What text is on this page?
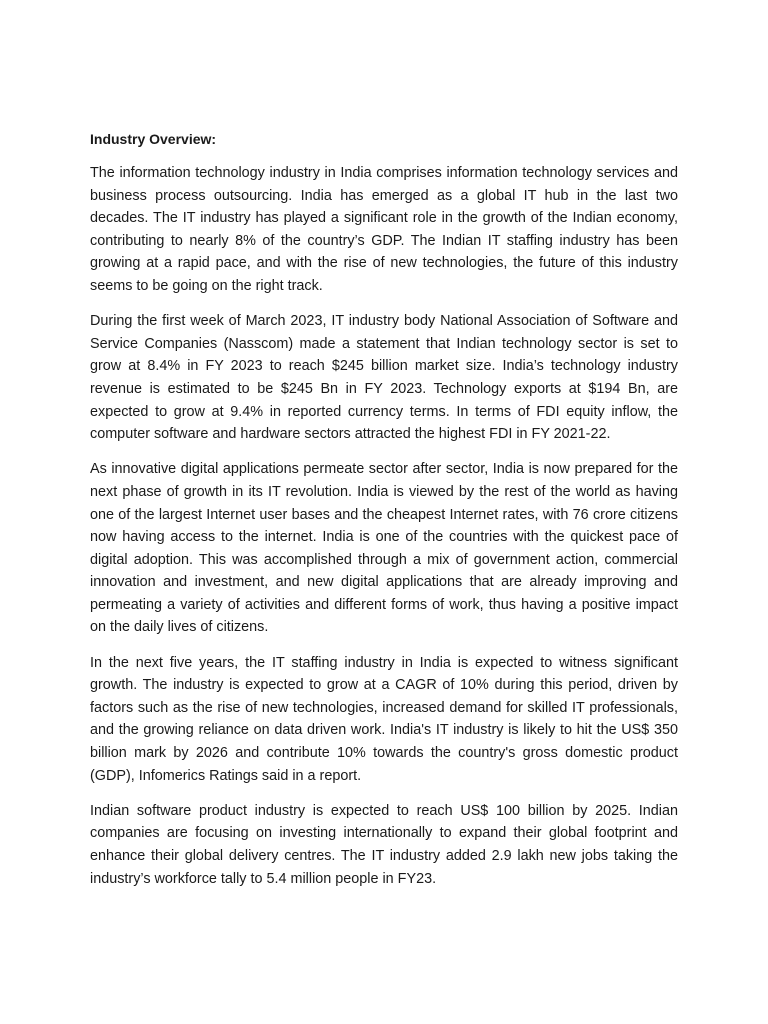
Industry Overview:

The information technology industry in India comprises information technology services and business process outsourcing. India has emerged as a global IT hub in the last two decades. The IT industry has played a significant role in the growth of the Indian economy, contributing to nearly 8% of the country’s GDP. The Indian IT staffing industry has been growing at a rapid pace, and with the rise of new technologies, the future of this industry seems to be going on the right track.

During the first week of March 2023, IT industry body National Association of Software and Service Companies (Nasscom) made a statement that Indian technology sector is set to grow at 8.4% in FY 2023 to reach $245 billion market size. India’s technology industry revenue is estimated to be $245 Bn in FY 2023. Technology exports at $194 Bn, are expected to grow at 9.4% in reported currency terms. In terms of FDI equity inflow, the computer software and hardware sectors attracted the highest FDI in FY 2021-22.

As innovative digital applications permeate sector after sector, India is now prepared for the next phase of growth in its IT revolution. India is viewed by the rest of the world as having one of the largest Internet user bases and the cheapest Internet rates, with 76 crore citizens now having access to the internet. India is one of the countries with the quickest pace of digital adoption. This was accomplished through a mix of government action, commercial innovation and investment, and new digital applications that are already improving and permeating a variety of activities and different forms of work, thus having a positive impact on the daily lives of citizens.

In the next five years, the IT staffing industry in India is expected to witness significant growth. The industry is expected to grow at a CAGR of 10% during this period, driven by factors such as the rise of new technologies, increased demand for skilled IT professionals, and the growing reliance on data driven work. India's IT industry is likely to hit the US$ 350 billion mark by 2026 and contribute 10% towards the country's gross domestic product (GDP), Infomerics Ratings said in a report.

Indian software product industry is expected to reach US$ 100 billion by 2025. Indian companies are focusing on investing internationally to expand their global footprint and enhance their global delivery centres. The IT industry added 2.9 lakh new jobs taking the industry’s workforce tally to 5.4 million people in FY23.
